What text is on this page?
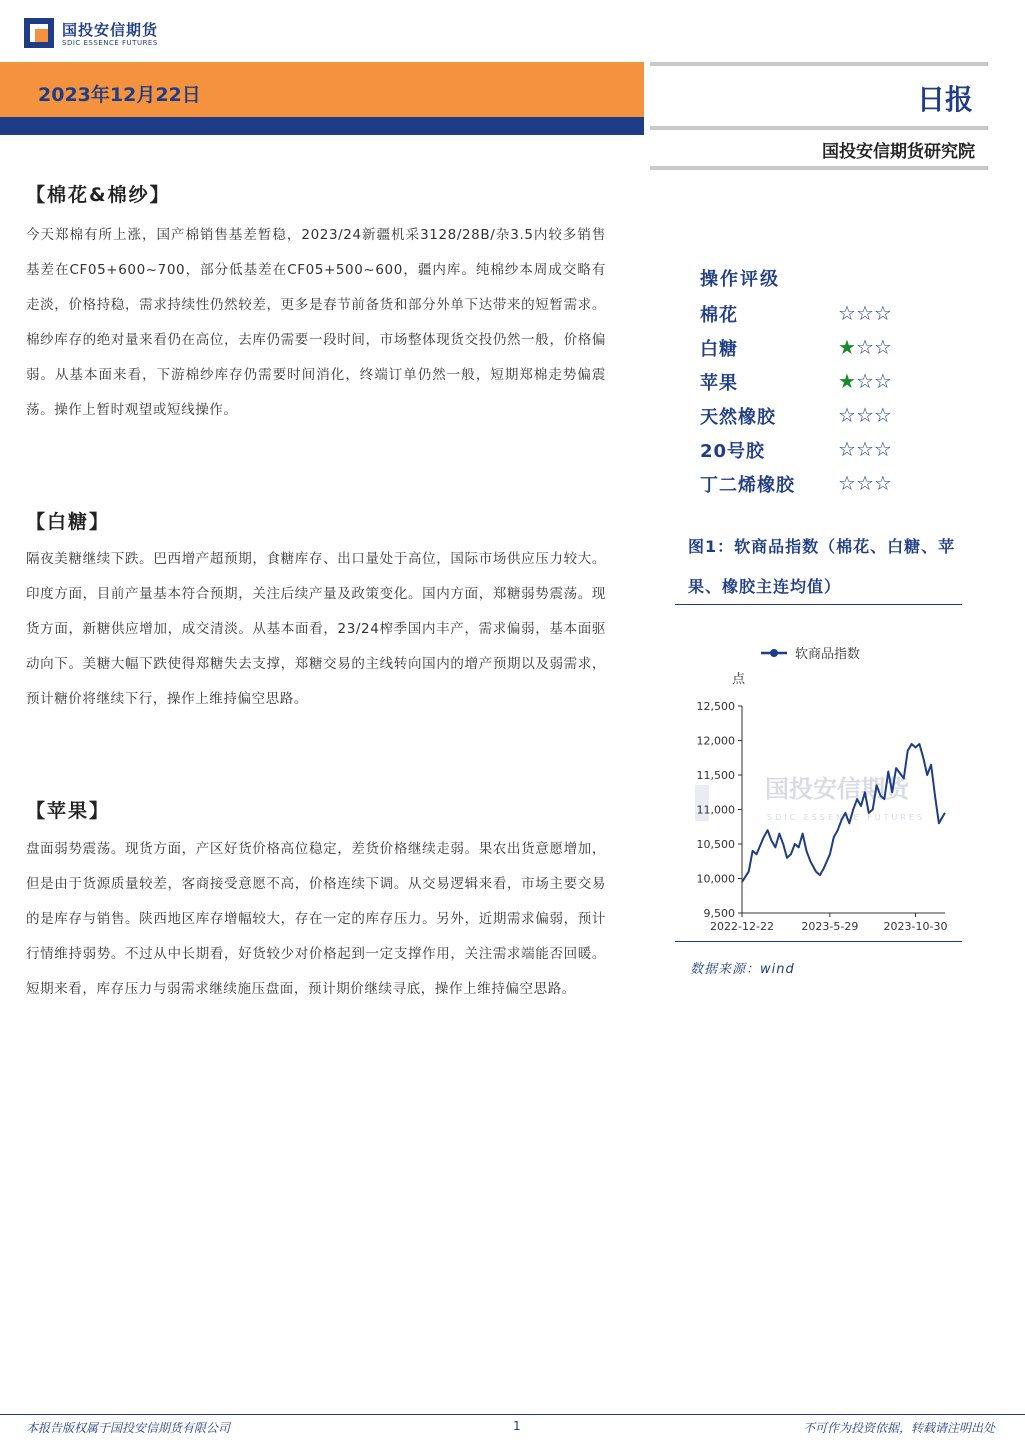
国投安信期货
SDIC ESSENCE FUTURES
2023年12月22日	日报
国投安信期货研究院
【棉花&棉纱】
今天郑棉有所上涨，国产棉销售基差暂稳，2023/24新疆机采3128/28B/杂3.5内较多销售基差在CF05+600~700，部分低基差在CF05+500~600，疆内库。纯棉纱本周成交略有走淡，价格持稳，需求持续性仍然较差，更多是春节前备货和部分外单下达带来的短暂需求。棉纱库存的绝对量来看仍在高位，去库仍需要一段时间，市场整体现货交投仍然一般，价格偏弱。从基本面来看，下游棉纱库存仍需要时间消化，终端订单仍然一般，短期郑棉走势偏震荡。操作上暂时观望或短线操作。
【白糖】
隔夜美糖继续下跌。巴西增产超预期，食糖库存、出口量处于高位，国际市场供应压力较大。印度方面，目前产量基本符合预期，关注后续产量及政策变化。国内方面，郑糖弱势震荡。现货方面，新糖供应增加，成交清淡。从基本面看，23/24榨季国内丰产，需求偏弱，基本面驱动向下。美糖大幅下跌使得郑糖失去支撑，郑糖交易的主线转向国内的增产预期以及弱需求，预计糖价将继续下行，操作上维持偏空思路。
【苹果】
盘面弱势震荡。现货方面，产区好货价格高位稳定，差货价格继续走弱。果农出货意愿增加，但是由于货源质量较差，客商接受意愿不高，价格连续下调。从交易逻辑来看，市场主要交易的是库存与销售。陕西地区库存增幅较大，存在一定的库存压力。另外，近期需求偏弱，预计行情维持弱势。不过从中长期看，好货较少对价格起到一定支撑作用，关注需求端能否回暖。短期来看，库存压力与弱需求继续施压盘面，预计期价继续寻底，操作上维持偏空思路。
操作评级
棉花	☆☆☆
白糖	★☆☆
苹果	★☆☆
天然橡胶	☆☆☆
20号胶	☆☆☆
丁二烯橡胶 ☆☆☆
图1：软商品指数（棉花、白糖、苹果、橡胶主连均值）
软商品指数
点
国投安信期货
SDIC ESSENCE FUTURES
9,500
10,000
10,500
11,000
11,500
12,000
12,500
2022-12-22 2023-5-29 2023-10-30
数据来源：wind
本报告版权属于国投安信期货有限公司	1	不可作为投资依据，转载请注明出处
